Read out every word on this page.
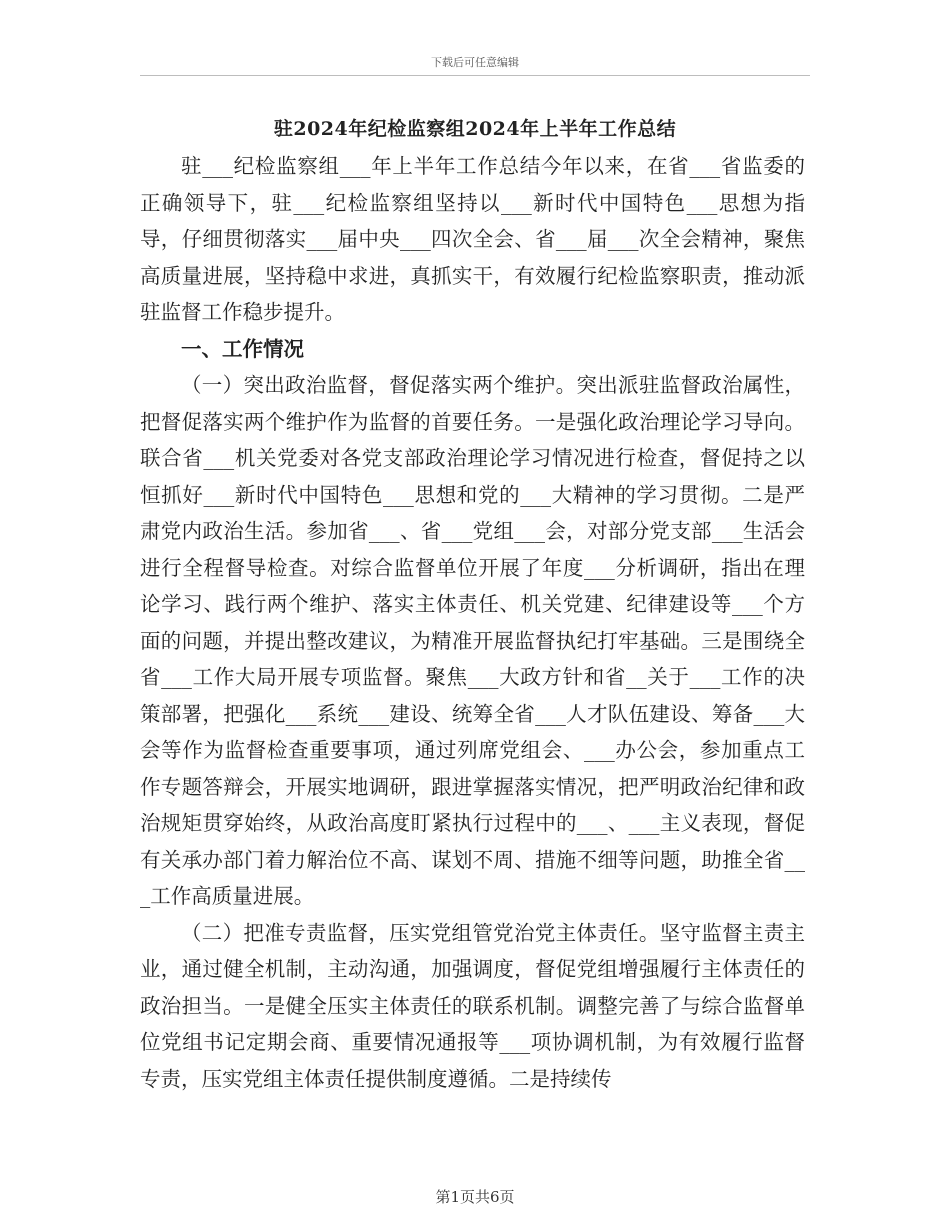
下载后可任意编辑
驻2024年纪检监察组2024年上半年工作总结

驻___纪检监察组___年上半年工作总结今年以来，在省___省监委的正确领导下，驻___纪检监察组坚持以___新时代中国特色___思想为指导，仔细贯彻落实___届中央___四次全会、省___届___次全会精神，聚焦高质量进展，坚持稳中求进，真抓实干，有效履行纪检监察职责，推动派驻监督工作稳步提升。

一、工作情况

（一）突出政治监督，督促落实两个维护。突出派驻监督政治属性，把督促落实两个维护作为监督的首要任务。一是强化政治理论学习导向。联合省___机关党委对各党支部政治理论学习情况进行检查，督促持之以恒抓好___新时代中国特色___思想和党的___大精神的学习贯彻。二是严肃党内政治生活。参加省___、省___党组___会，对部分党支部___生活会进行全程督导检查。对综合监督单位开展了年度___分析调研，指出在理论学习、践行两个维护、落实主体责任、机关党建、纪律建设等___个方面的问题，并提出整改建议，为精准开展监督执纪打牢基础。三是围绕全省___工作大局开展专项监督。聚焦___大政方针和省__关于___工作的决策部署，把强化___系统___建设、统筹全省___人才队伍建设、筹备___大会等作为监督检查重要事项，通过列席党组会、___办公会，参加重点工作专题答辩会，开展实地调研，跟进掌握落实情况，把严明政治纪律和政治规矩贯穿始终，从政治高度盯紧执行过程中的___、___主义表现，督促有关承办部门着力解治位不高、谋划不周、措施不细等问题，助推全省___工作高质量进展。

（二）把准专责监督，压实党组管党治党主体责任。坚守监督主责主业，通过健全机制，主动沟通，加强调度，督促党组增强履行主体责任的政治担当。一是健全压实主体责任的联系机制。调整完善了与综合监督单位党组书记定期会商、重要情况通报等___项协调机制，为有效履行监督专责，压实党组主体责任提供制度遵循。二是持续传

第1页共6页
